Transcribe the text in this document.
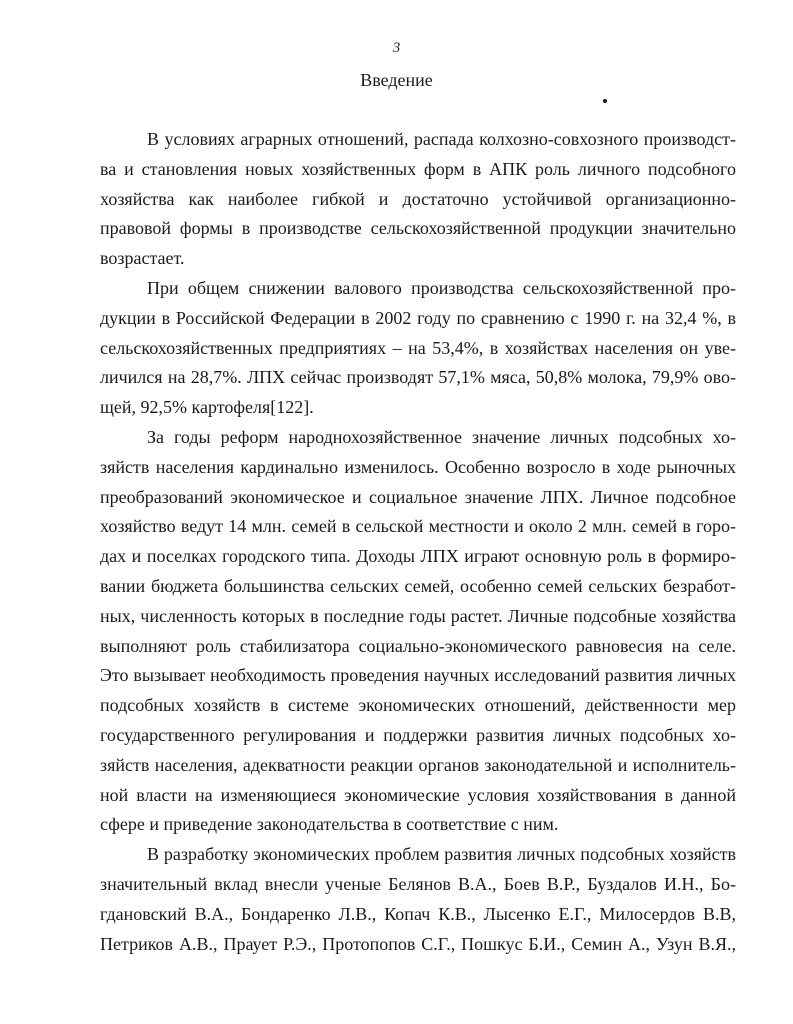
3
Введение
В условиях аграрных отношений, распада колхозно-совхозного производст-
ва и становления новых хозяйственных форм в АПК роль личного подсобного
хозяйства как наиболее гибкой и достаточно устойчивой организационно-
правовой формы в производстве сельскохозяйственной продукции значительно
возрастает.
При общем снижении валового производства сельскохозяйственной про-
дукции в Российской Федерации в 2002 году по сравнению с 1990 г. на 32,4 %, в
сельскохозяйственных предприятиях – на 53,4%, в хозяйствах населения он уве-
личился на 28,7%. ЛПХ сейчас производят 57,1% мяса, 50,8% молока, 79,9% ово-
щей, 92,5% картофеля[122].
За годы реформ народнохозяйственное значение личных подсобных хо-
зяйств населения кардинально изменилось. Особенно возросло в ходе рыночных
преобразований экономическое и социальное значение ЛПХ. Личное подсобное
хозяйство ведут 14 млн. семей в сельской местности и около 2 млн. семей в горо-
дах и поселках городского типа. Доходы ЛПХ играют основную роль в формиро-
вании бюджета большинства сельских семей, особенно семей сельских безработ-
ных, численность которых в последние годы растет. Личные подсобные хозяйства
выполняют роль стабилизатора социально-экономического равновесия на селе.
Это вызывает необходимость проведения научных исследований развития личных
подсобных хозяйств в системе экономических отношений, действенности мер
государственного регулирования и поддержки развития личных подсобных хо-
зяйств населения, адекватности реакции органов законодательной и исполнитель-
ной власти на изменяющиеся экономические условия хозяйствования в данной
сфере и приведение законодательства в соответствие с ним.
В разработку экономических проблем развития личных подсобных хозяйств
значительный вклад внесли ученые Белянов В.А., Боев В.Р., Буздалов И.Н., Бо-
гдановский В.А., Бондаренко Л.В., Копач К.В., Лысенко Е.Г., Милосердов В.В,
Петриков А.В., Праует Р.Э., Протопопов С.Г., Пошкус Б.И., Семин А., Узун В.Я.,
